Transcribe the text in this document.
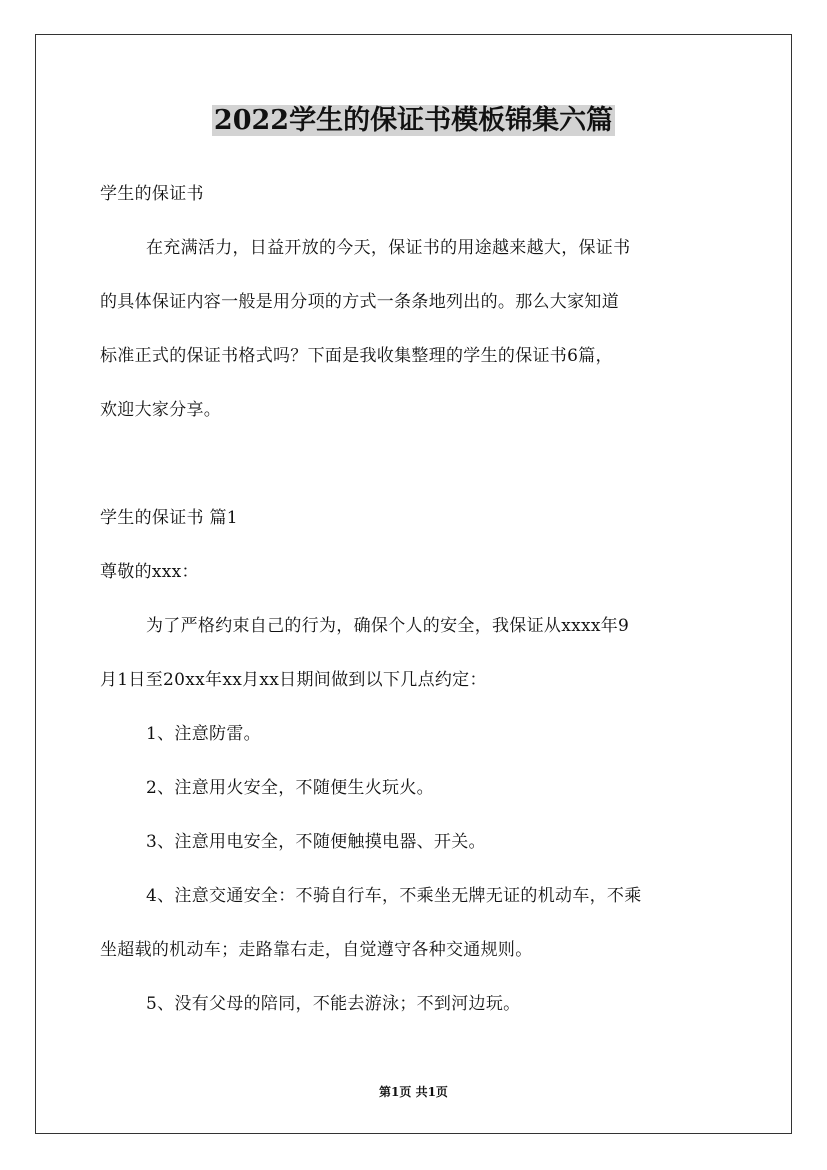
2022学生的保证书模板锦集六篇
学生的保证书
在充满活力，日益开放的今天，保证书的用途越来越大，保证书
的具体保证内容一般是用分项的方式一条条地列出的。那么大家知道
标准正式的保证书格式吗？下面是我收集整理的学生的保证书6篇，
欢迎大家分享。
学生的保证书 篇1
尊敬的xxx：
为了严格约束自己的行为，确保个人的安全，我保证从xxxx年9
月1日至20xx年xx月xx日期间做到以下几点约定：
1、注意防雷。
2、注意用火安全，不随便生火玩火。
3、注意用电安全，不随便触摸电器、开关。
4、注意交通安全：不骑自行车，不乘坐无牌无证的机动车，不乘
坐超载的机动车；走路靠右走，自觉遵守各种交通规则。
5、没有父母的陪同，不能去游泳；不到河边玩。
第1页 共1页
